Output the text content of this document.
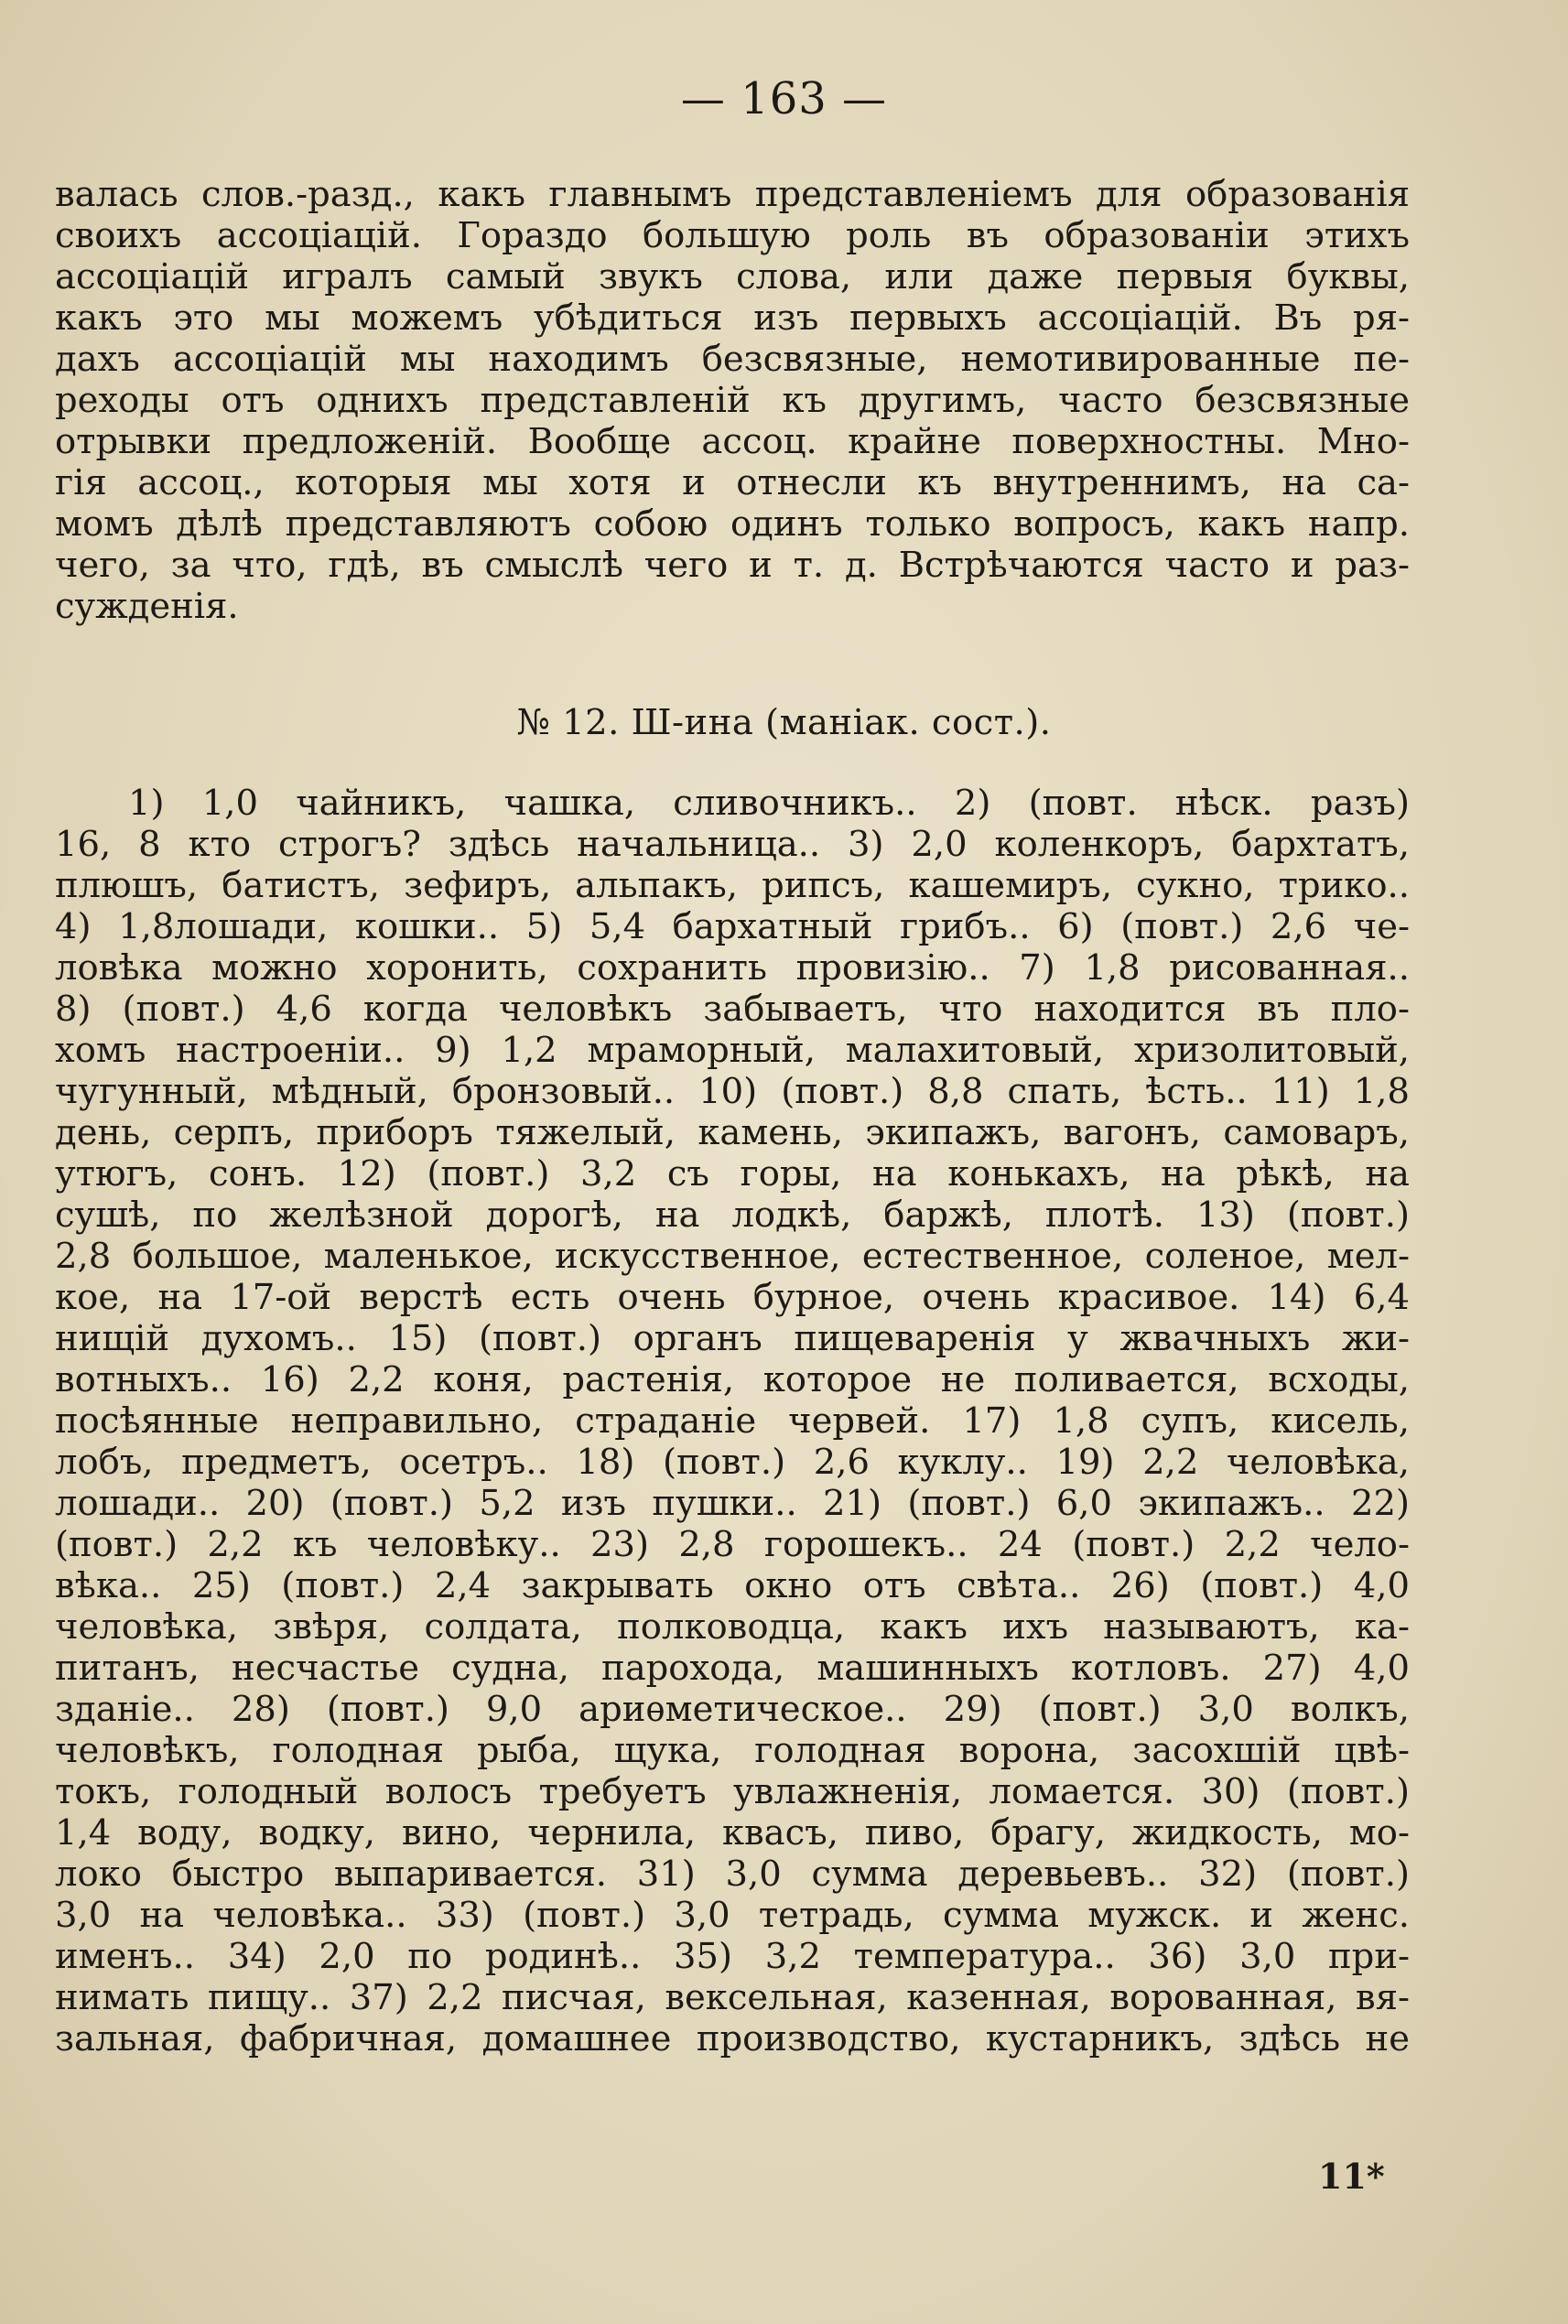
— 163 —
валась слов.-разд., какъ главнымъ представленіемъ для образованія
своихъ ассоціацій. Гораздо большую роль въ образованіи этихъ
ассоціацій игралъ самый звукъ слова, или даже первыя буквы,
какъ это мы можемъ убѣдиться изъ первыхъ ассоціацій. Въ ря-
дахъ ассоціацій мы находимъ безсвязные, немотивированные пе-
реходы отъ однихъ представленій къ другимъ, часто безсвязные
отрывки предложеній. Вообще ассоц. крайне поверхностны. Мно-
гія ассоц., которыя мы хотя и отнесли къ внутреннимъ, на са-
момъ дѣлѣ представляютъ собою одинъ только вопросъ, какъ напр.
чего, за что, гдѣ, въ смыслѣ чего и т. д. Встрѣчаются часто и раз-
сужденія.
№ 12. Ш-ина (маніак. сост.).
1) 1,0 чайникъ, чашка, сливочникъ.. 2) (повт. нѣск. разъ)
16, 8 кто строгъ? здѣсь начальница.. 3) 2,0 коленкоръ, бархтатъ,
плюшъ, батистъ, зефиръ, альпакъ, рипсъ, кашемиръ, сукно, трико..
4) 1,8лошади, кошки.. 5) 5,4 бархатный грибъ.. 6) (повт.) 2,6 че-
ловѣка можно хоронить, сохранить провизію.. 7) 1,8 рисованная..
8) (повт.) 4,6 когда человѣкъ забываетъ, что находится въ пло-
хомъ настроеніи.. 9) 1,2 мраморный, малахитовый, хризолитовый,
чугунный, мѣдный, бронзовый.. 10) (повт.) 8,8 спать, ѣсть.. 11) 1,8
день, серпъ, приборъ тяжелый, камень, экипажъ, вагонъ, самоваръ,
утюгъ, сонъ. 12) (повт.) 3,2 съ горы, на конькахъ, на рѣкѣ, на
сушѣ, по желѣзной дорогѣ, на лодкѣ, баржѣ, плотѣ. 13) (повт.)
2,8 большое, маленькое, искусственное, естественное, соленое, мел-
кое, на 17-ой верстѣ есть очень бурное, очень красивое. 14) 6,4
нищій духомъ.. 15) (повт.) органъ пищеваренія у жвачныхъ жи-
вотныхъ.. 16) 2,2 коня, растенія, которое не поливается, всходы,
посѣянные неправильно, страданіе червей. 17) 1,8 супъ, кисель,
лобъ, предметъ, осетръ.. 18) (повт.) 2,6 куклу.. 19) 2,2 человѣка,
лошади.. 20) (повт.) 5,2 изъ пушки.. 21) (повт.) 6,0 экипажъ.. 22)
(повт.) 2,2 къ человѣку.. 23) 2,8 горошекъ.. 24 (повт.) 2,2 чело-
вѣка.. 25) (повт.) 2,4 закрывать окно отъ свѣта.. 26) (повт.) 4,0
человѣка, звѣря, солдата, полководца, какъ ихъ называютъ, ка-
питанъ, несчастье судна, парохода, машинныхъ котловъ. 27) 4,0
зданіе.. 28) (повт.) 9,0 ариѳметическое.. 29) (повт.) 3,0 волкъ,
человѣкъ, голодная рыба, щука, голодная ворона, засохшій цвѣ-
токъ, голодный волосъ требуетъ увлажненія, ломается. 30) (повт.)
1,4 воду, водку, вино, чернила, квасъ, пиво, брагу, жидкость, мо-
локо быстро выпаривается. 31) 3,0 сумма деревьевъ.. 32) (повт.)
3,0 на человѣка.. 33) (повт.) 3,0 тетрадь, сумма мужск. и женс.
именъ.. 34) 2,0 по родинѣ.. 35) 3,2 температура.. 36) 3,0 при-
нимать пищу.. 37) 2,2 писчая, вексельная, казенная, ворованная, вя-
зальная, фабричная, домашнее производство, кустарникъ, здѣсь не
11*
